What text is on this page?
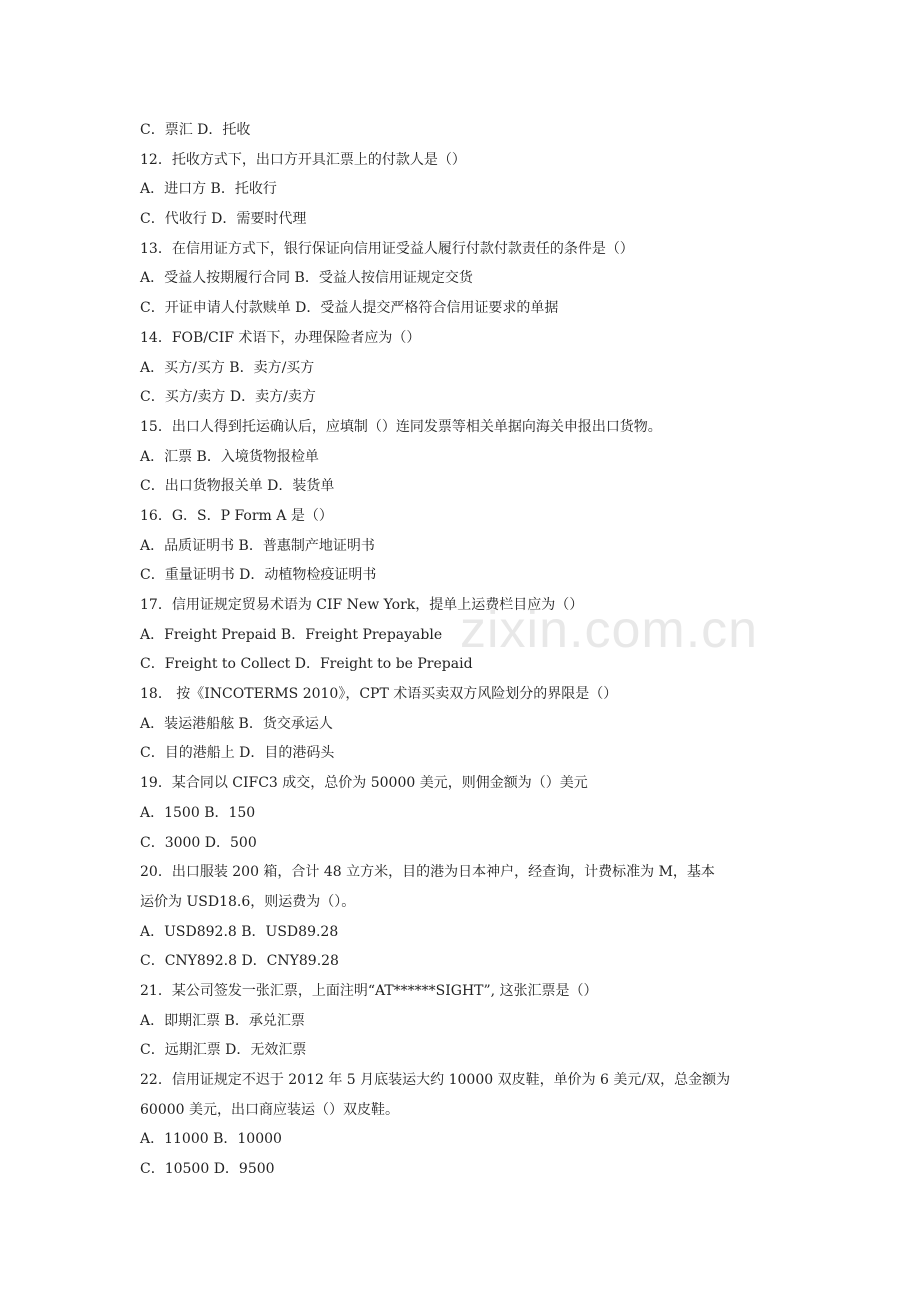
C．票汇 D．托收
12．托收方式下，出口方开具汇票上的付款人是（）
A．进口方 B．托收行
C．代收行 D．需要时代理
13．在信用证方式下，银行保证向信用证受益人履行付款付款责任的条件是（）
A．受益人按期履行合同 B．受益人按信用证规定交货
C．开证申请人付款赎单 D．受益人提交严格符合信用证要求的单据
14．FOB/CIF 术语下，办理保险者应为（）
A．买方/买方 B．卖方/买方
C．买方/卖方 D．卖方/卖方
15．出口人得到托运确认后，应填制（）连同发票等相关单据向海关申报出口货物。
A．汇票 B．入境货物报检单
C．出口货物报关单 D．装货单
16．G．S．P Form A 是（）
A．品质证明书 B．普惠制产地证明书
C．重量证明书 D．动植物检疫证明书
17．信用证规定贸易术语为 CIF New York，提单上运费栏目应为（）
A．Freight Prepaid B．Freight Prepayable
C．Freight to Collect D．Freight to be Prepaid
18． 按《INCOTERMS 2010》，CPT 术语买卖双方风险划分的界限是（）
A．装运港船舷 B．货交承运人
C．目的港船上 D．目的港码头
19．某合同以 CIFC3 成交，总价为 50000 美元，则佣金额为（）美元
A．1500 B．150
C．3000 D．500
20．出口服装 200 箱，合计 48 立方米，目的港为日本神户，经查询，计费标准为 M，基本
运价为 USD18.6，则运费为（）。
A．USD892.8 B．USD89.28
C．CNY892.8 D．CNY89.28
21．某公司签发一张汇票，上面注明“AT******SIGHT”, 这张汇票是（）
A．即期汇票 B．承兑汇票
C．远期汇票 D．无效汇票
22．信用证规定不迟于 2012 年 5 月底装运大约 10000 双皮鞋，单价为 6 美元/双，总金额为
60000 美元，出口商应装运（）双皮鞋。
A．11000 B．10000
C．10500 D．9500
zixin.com.cn
